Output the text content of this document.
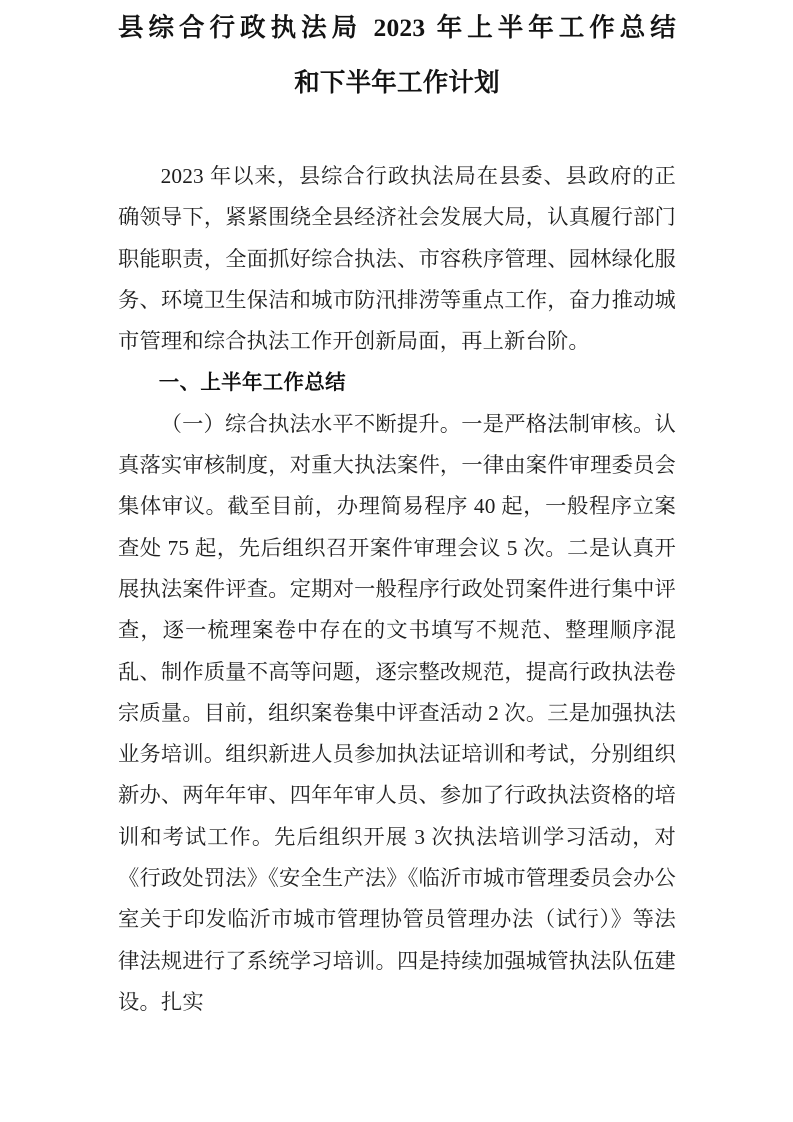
县综合行政执法局 2023 年上半年工作总结
和下半年工作计划

2023 年以来，县综合行政执法局在县委、县政府的正确领导下，紧紧围绕全县经济社会发展大局，认真履行部门职能职责，全面抓好综合执法、市容秩序管理、园林绿化服务、环境卫生保洁和城市防汛排涝等重点工作，奋力推动城市管理和综合执法工作开创新局面，再上新台阶。

一、上半年工作总结

（一）综合执法水平不断提升。一是严格法制审核。认真落实审核制度，对重大执法案件，一律由案件审理委员会集体审议。截至目前，办理简易程序 40 起，一般程序立案查处 75 起，先后组织召开案件审理会议 5 次。二是认真开展执法案件评查。定期对一般程序行政处罚案件进行集中评查，逐一梳理案卷中存在的文书填写不规范、整理顺序混乱、制作质量不高等问题，逐宗整改规范，提高行政执法卷宗质量。目前，组织案卷集中评查活动 2 次。三是加强执法业务培训。组织新进人员参加执法证培训和考试，分别组织新办、两年年审、四年年审人员、参加了行政执法资格的培训和考试工作。先后组织开展 3 次执法培训学习活动，对《行政处罚法》《安全生产法》《临沂市城市管理委员会办公室关于印发临沂市城市管理协管员管理办法（试行）》等法律法规进行了系统学习培训。四是持续加强城管执法队伍建设。扎实
